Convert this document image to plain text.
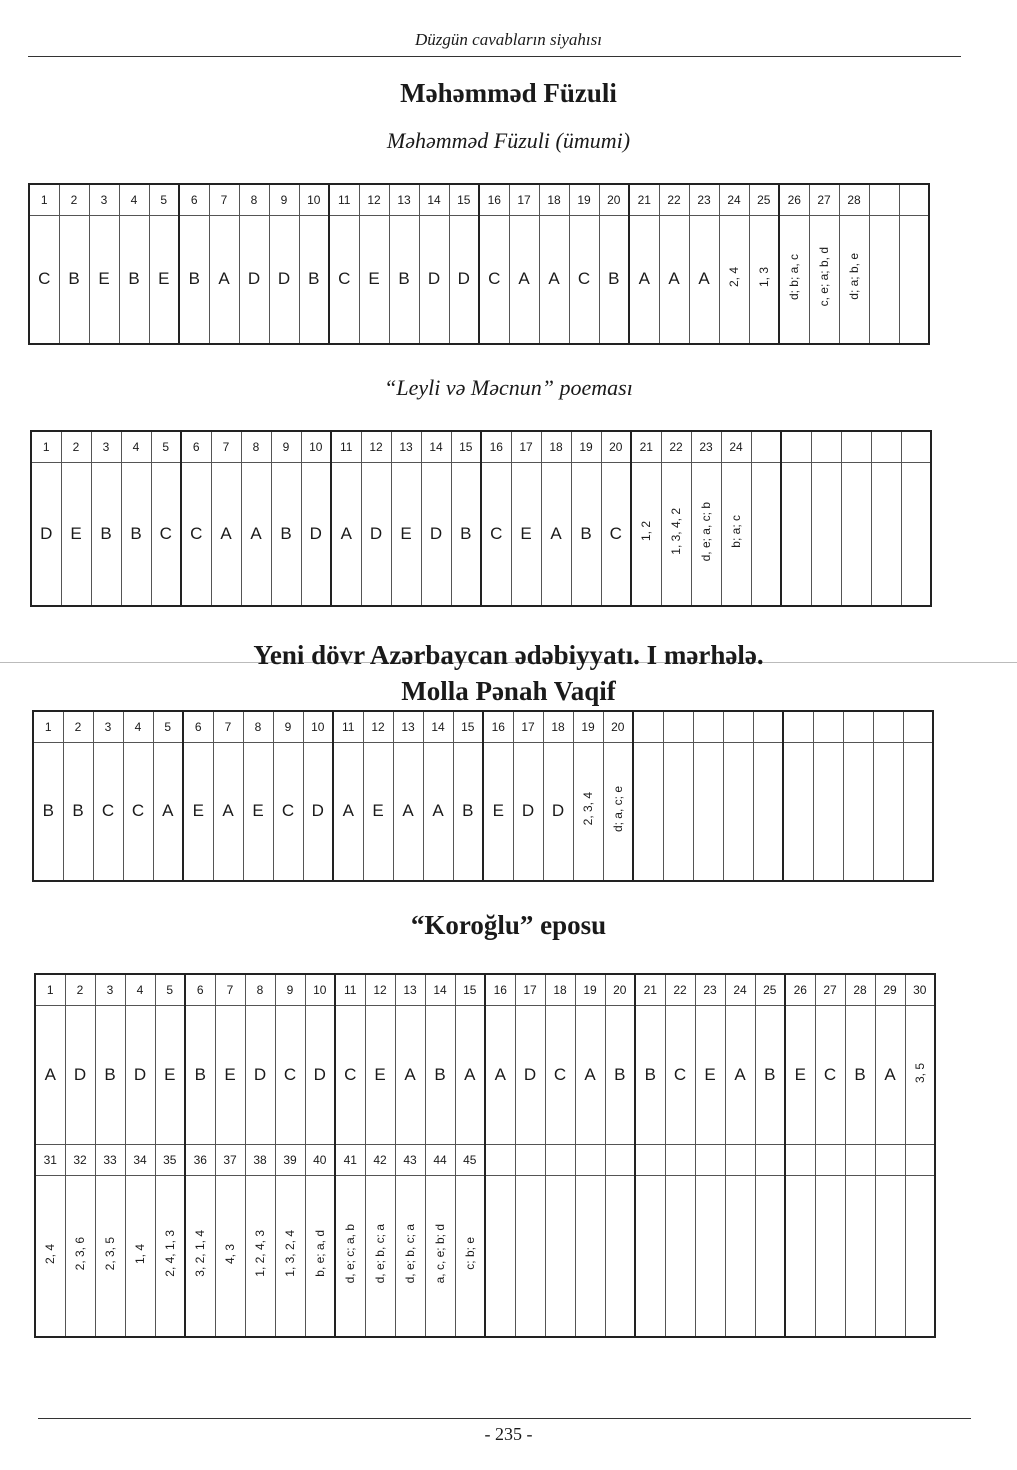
Düzgün cavabların siyahısı
Məhəmməd Füzuli
Məhəmməd Füzuli (ümumi)
1	2	3	4	5	6	7	8	9	10	11	12	13	14	15	16	17	18	19	20	21	22	23	24	25	26	27	28		
C	B	E	B	E	B	A	D	D	B	C	E	B	D	D	C	A	A	C	B	A	A	A	2, 4	1, 3	d; b; a, c	c, e; a; b, d	d; a; b, e		
“Leyli və Məcnun” poeması
1	2	3	4	5	6	7	8	9	10	11	12	13	14	15	16	17	18	19	20	21	22	23	24						
D	E	B	B	C	C	A	A	B	D	A	D	E	D	B	C	E	A	B	C	1, 2	1, 3, 4, 2	d, e; a, c; b	b; a; c						
Yeni dövr Azərbaycan ədəbiyyatı. I mərhələ.
Molla Pənah Vaqif
1	2	3	4	5	6	7	8	9	10	11	12	13	14	15	16	17	18	19	20										
B	B	C	C	A	E	A	E	C	D	A	E	A	A	B	E	D	D	2, 3, 4	d; a, c; e										
“Koroğlu” eposu
1	2	3	4	5	6	7	8	9	10	11	12	13	14	15	16	17	18	19	20	21	22	23	24	25	26	27	28	29	30
A	D	B	D	E	B	E	D	C	D	C	E	A	B	A	A	D	C	A	B	B	C	E	A	B	E	C	B	A	3, 5
31	32	33	34	35	36	37	38	39	40	41	42	43	44	45															
2, 4	2, 3, 6	2, 3, 5	1, 4	2, 4, 1, 3	3, 2, 1, 4	4, 3	1, 2, 4, 3	1, 3, 2, 4	b, e; a, d	d, e; c; a, b	d, e; b, c; a	d, e; b, c; a	a, c, e; b; d	c; b; e															
- 235 -
